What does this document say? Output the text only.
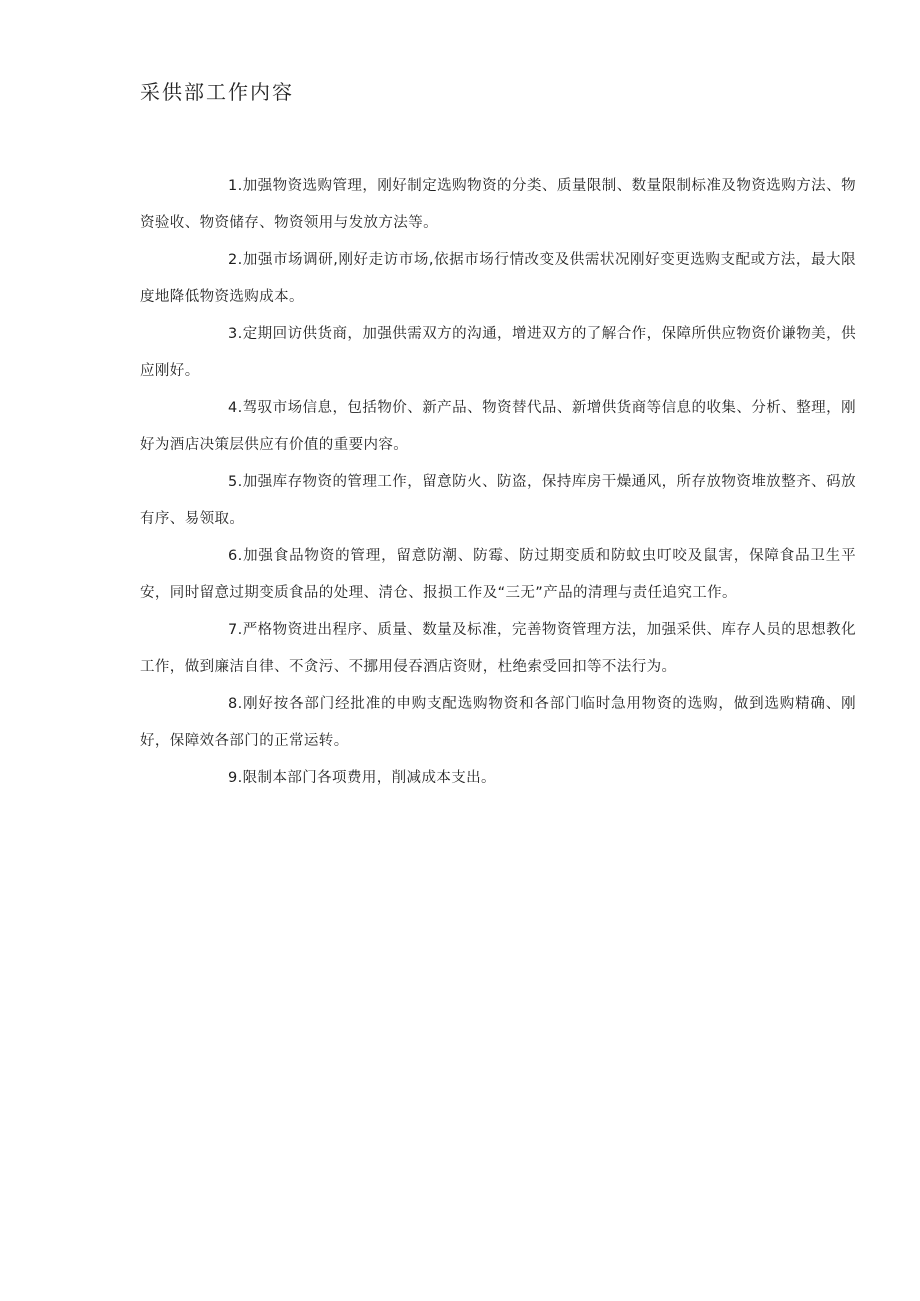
采供部工作内容

1.加强物资选购管理，刚好制定选购物资的分类、质量限制、数量限制标准及物资选购方法、物资验收、物资储存、物资领用与发放方法等。

2.加强市场调研,刚好走访市场,依据市场行情改变及供需状况刚好变更选购支配或方法，最大限度地降低物资选购成本。

3.定期回访供货商，加强供需双方的沟通，增进双方的了解合作，保障所供应物资价谦物美，供应刚好。

4.驾驭市场信息，包括物价、新产品、物资替代品、新增供货商等信息的收集、分析、整理，刚好为酒店决策层供应有价值的重要内容。

5.加强库存物资的管理工作，留意防火、防盗，保持库房干燥通风，所存放物资堆放整齐、码放有序、易领取。

6.加强食品物资的管理，留意防潮、防霉、防过期变质和防蚊虫叮咬及鼠害，保障食品卫生平安，同时留意过期变质食品的处理、清仓、报损工作及“三无”产品的清理与责任追究工作。

7.严格物资进出程序、质量、数量及标准，完善物资管理方法，加强采供、库存人员的思想教化工作，做到廉洁自律、不贪污、不挪用侵吞酒店资财，杜绝索受回扣等不法行为。

8.刚好按各部门经批准的申购支配选购物资和各部门临时急用物资的选购，做到选购精确、刚好，保障效各部门的正常运转。

9.限制本部门各项费用，削减成本支出。
